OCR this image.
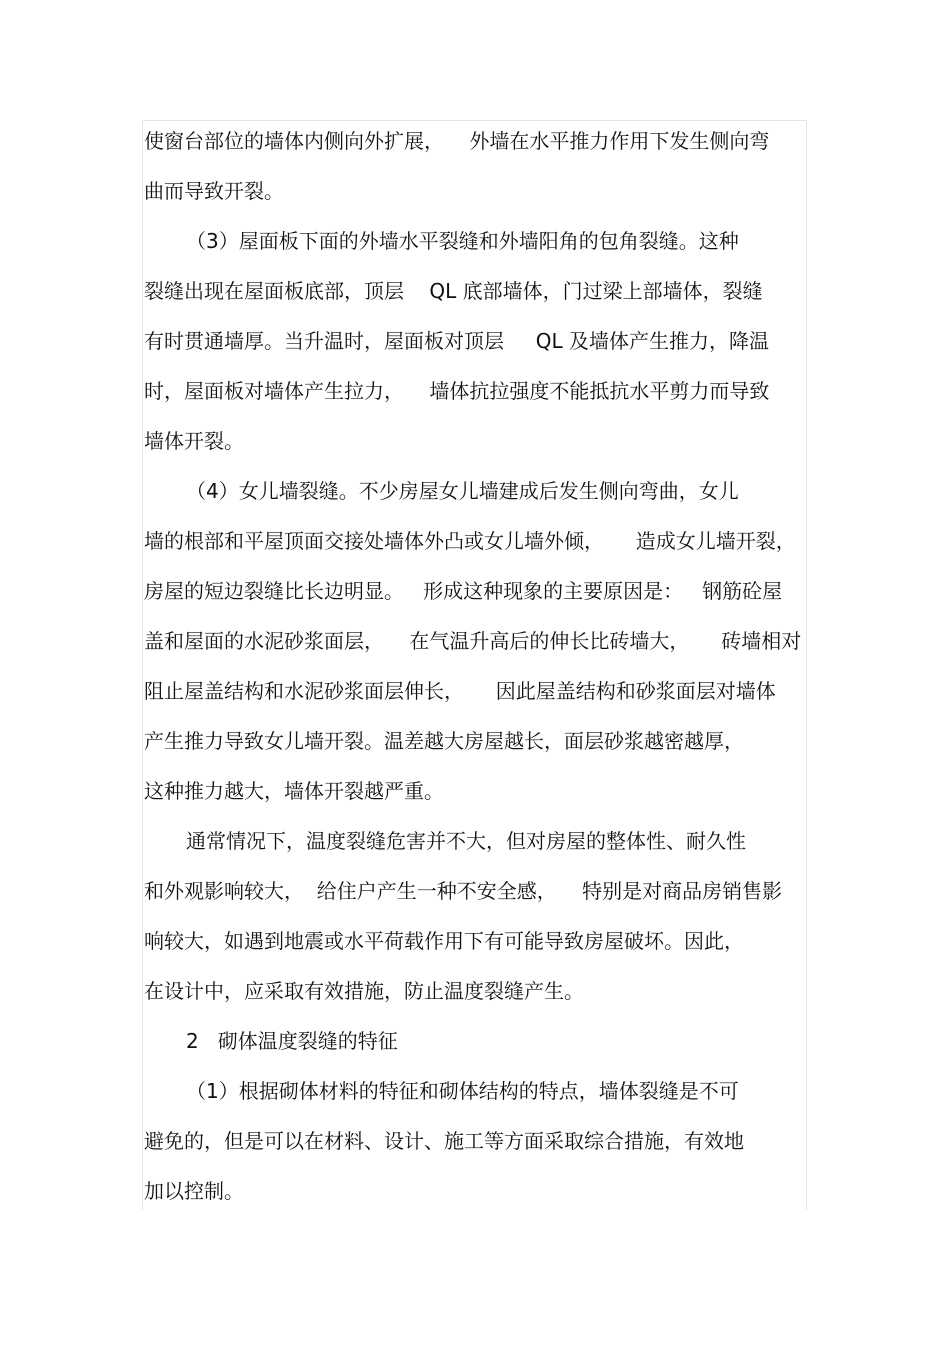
使窗台部位的墙体内侧向外扩展，    外墙在水平推力作用下发生侧向弯
曲而导致开裂。
（3）屋面板下面的外墙水平裂缝和外墙阳角的包角裂缝。这种
裂缝出现在屋面板底部，顶层    QL 底部墙体，门过梁上部墙体，裂缝
有时贯通墙厚。当升温时，屋面板对顶层     QL 及墙体产生推力，降温
时，屋面板对墙体产生拉力，    墙体抗拉强度不能抵抗水平剪力而导致
墙体开裂。
（4）女儿墙裂缝。不少房屋女儿墙建成后发生侧向弯曲，女儿
墙的根部和平屋顶面交接处墙体外凸或女儿墙外倾，     造成女儿墙开裂，
房屋的短边裂缝比长边明显。   形成这种现象的主要原因是：   钢筋砼屋
盖和屋面的水泥砂浆面层，    在气温升高后的伸长比砖墙大，     砖墙相对
阻止屋盖结构和水泥砂浆面层伸长，     因此屋盖结构和砂浆面层对墙体
产生推力导致女儿墙开裂。温差越大房屋越长，面层砂浆越密越厚，
这种推力越大，墙体开裂越严重。
通常情况下，温度裂缝危害并不大，但对房屋的整体性、耐久性
和外观影响较大，  给住户产生一种不安全感，    特别是对商品房销售影
响较大，如遇到地震或水平荷载作用下有可能导致房屋破坏。因此，
在设计中，应采取有效措施，防止温度裂缝产生。
2   砌体温度裂缝的特征
（1）根据砌体材料的特征和砌体结构的特点，墙体裂缝是不可
避免的，但是可以在材料、设计、施工等方面采取综合措施，有效地
加以控制。
